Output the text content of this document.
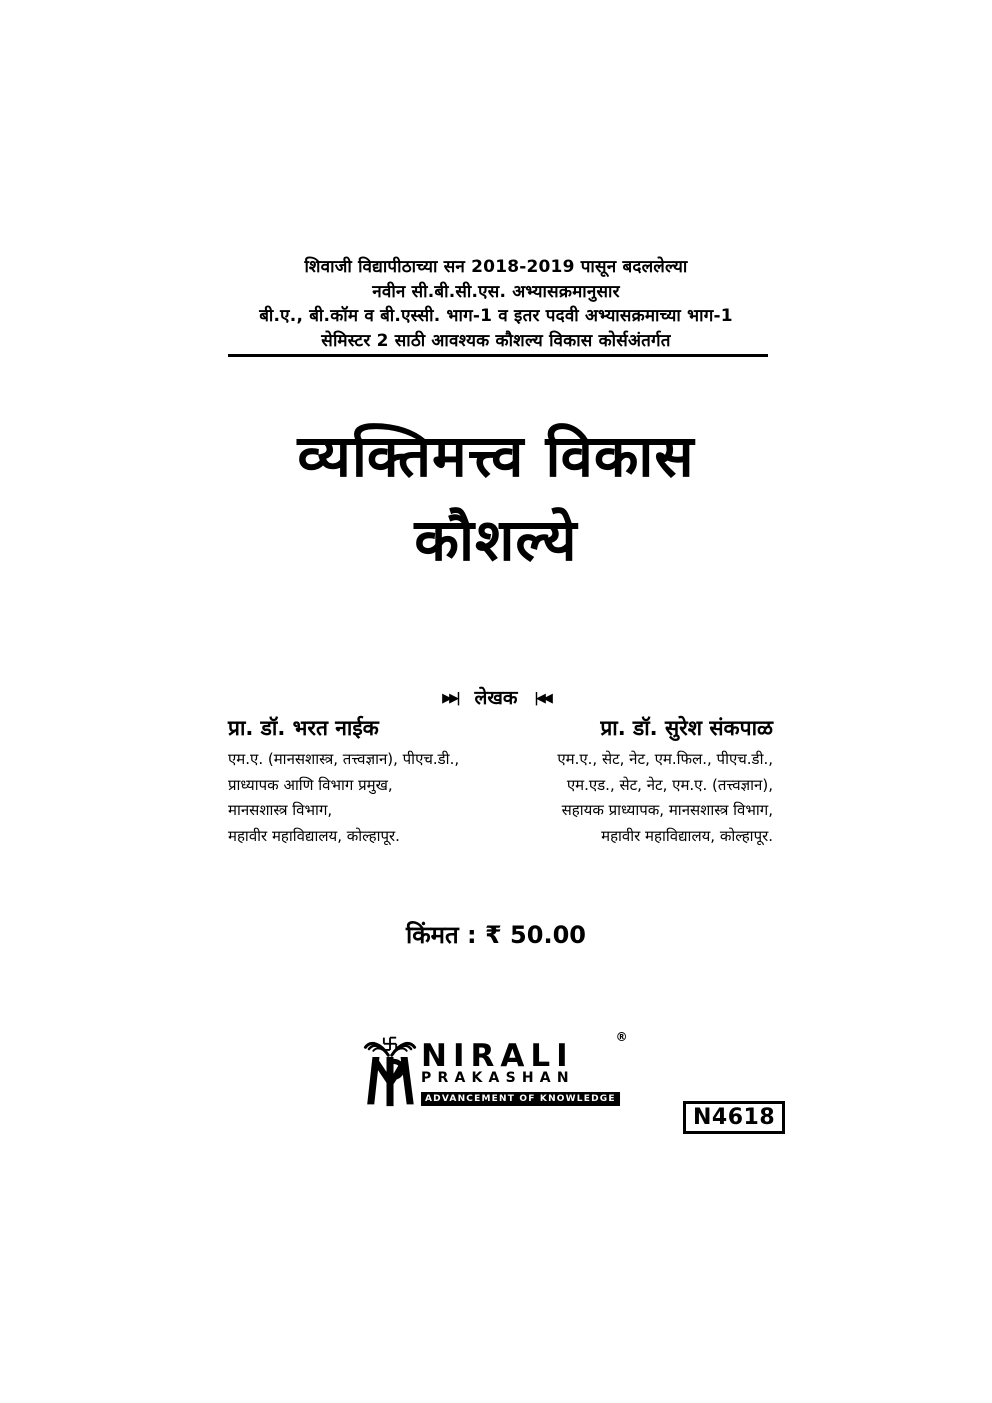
शिवाजी विद्यापीठाच्या सन 2018-2019 पासून बदललेल्या
नवीन सी.बी.सी.एस. अभ्यासक्रमानुसार
बी.ए., बी.कॉम व बी.एस्सी. भाग-1 व इतर पदवी अभ्यासक्रमाच्या भाग-1
सेमिस्टर 2 साठी आवश्यक कौशल्य विकास कोर्सअंतर्गत
व्यक्तिमत्त्व विकास
कौशल्ये
▶▶| लेखक |◀◀
प्रा. डॉ. भरत नाईक
एम.ए. (मानसशास्त्र, तत्त्वज्ञान), पीएच.डी.,
प्राध्यापक आणि विभाग प्रमुख,
मानसशास्त्र विभाग,
महावीर महाविद्यालय, कोल्हापूर.
प्रा. डॉ. सुरेश संकपाळ
एम.ए., सेट, नेट, एम.फिल., पीएच.डी.,
एम.एड., सेट, नेट, एम.ए. (तत्त्वज्ञान),
सहायक प्राध्यापक, मानसशास्त्र विभाग,
महावीर महाविद्यालय, कोल्हापूर.
किंमत : ₹ 50.00
NIRALI
®
PRAKASHAN
ADVANCEMENT OF KNOWLEDGE
N4618
